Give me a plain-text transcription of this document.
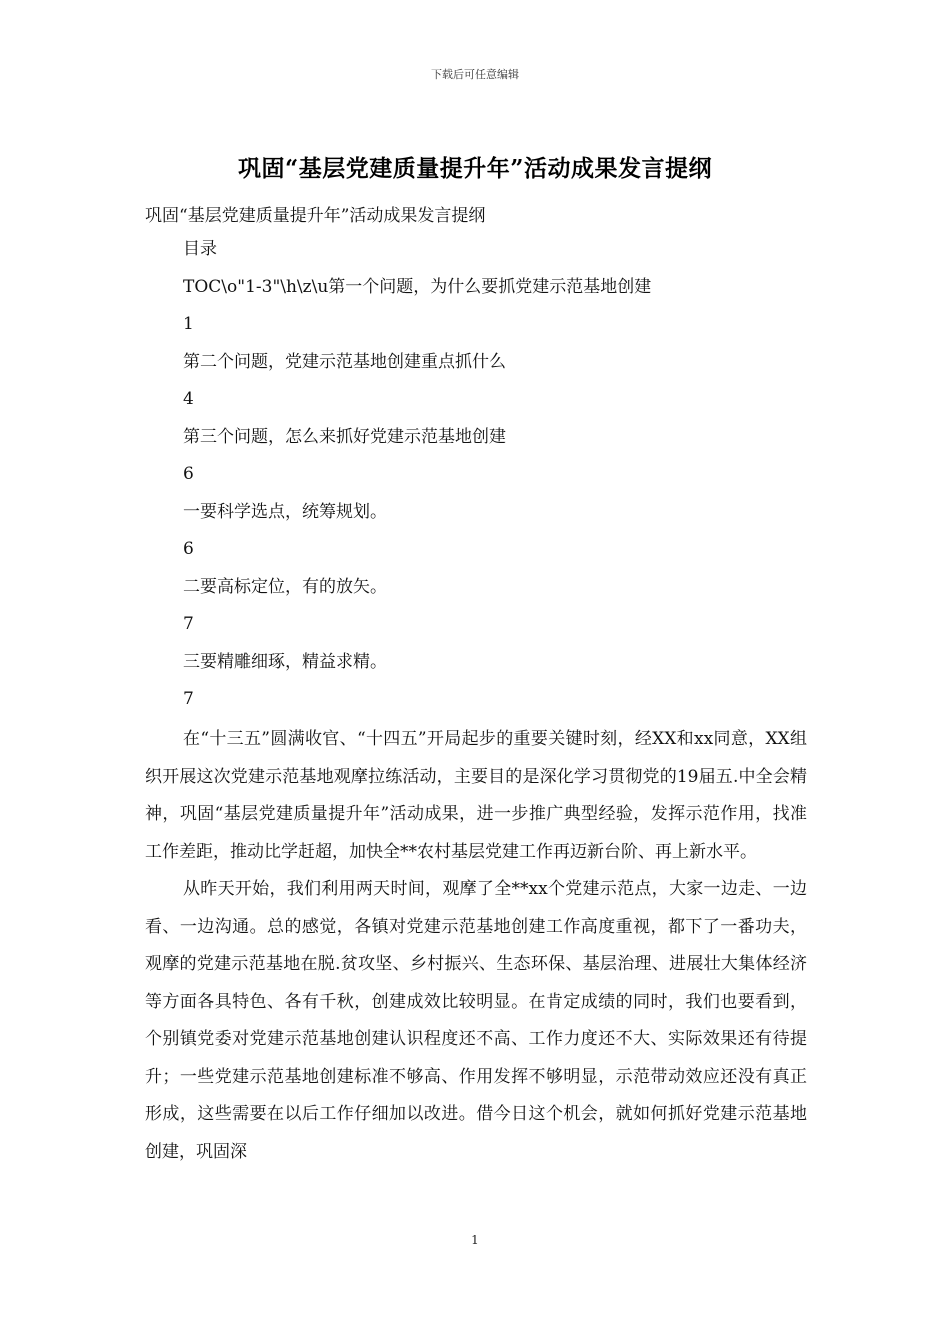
下载后可任意编辑
巩固“基层党建质量提升年”活动成果发言提纲
巩固“基层党建质量提升年”活动成果发言提纲
目录
TOC\o"1-3"\h\z\u第一个问题，为什么要抓党建示范基地创建
1
第二个问题，党建示范基地创建重点抓什么
4
第三个问题，怎么来抓好党建示范基地创建
6
一要科学选点，统筹规划。
6
二要高标定位，有的放矢。
7
三要精雕细琢，精益求精。
7

在“十三五”圆满收官、“十四五”开局起步的重要关键时刻，经XX和xx同意，XX组织开展这次党建示范基地观摩拉练活动，主要目的是深化学习贯彻党的19届五.中全会精神，巩固“基层党建质量提升年”活动成果，进一步推广典型经验，发挥示范作用，找准工作差距，推动比学赶超，加快全**农村基层党建工作再迈新台阶、再上新水平。

从昨天开始，我们利用两天时间，观摩了全**xx个党建示范点，大家一边走、一边看、一边沟通。总的感觉，各镇对党建示范基地创建工作高度重视，都下了一番功夫，观摩的党建示范基地在脱.贫攻坚、乡村振兴、生态环保、基层治理、进展壮大集体经济等方面各具特色、各有千秋，创建成效比较明显。在肯定成绩的同时，我们也要看到，个别镇党委对党建示范基地创建认识程度还不高、工作力度还不大、实际效果还有待提升；一些党建示范基地创建标准不够高、作用发挥不够明显，示范带动效应还没有真正形成，这些需要在以后工作仔细加以改进。借今日这个机会，就如何抓好党建示范基地创建，巩固深

1
